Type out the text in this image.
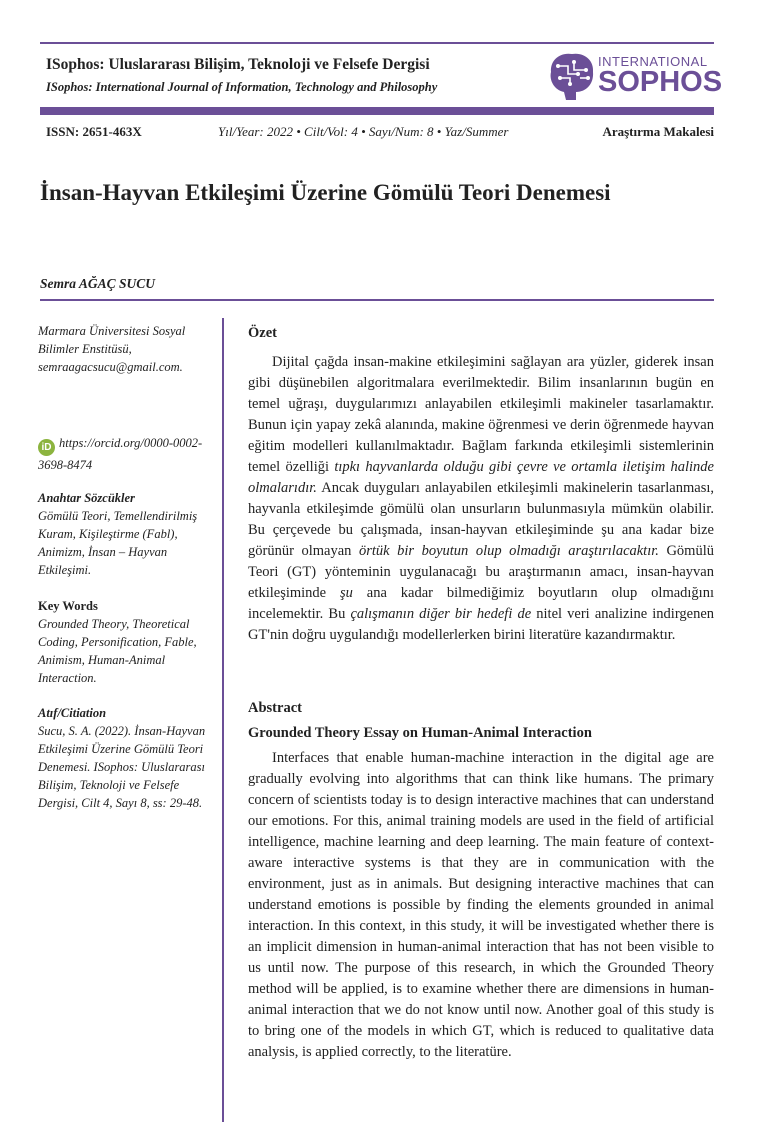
ISophos: Uluslararası Bilişim, Teknoloji ve Felsefe Dergisi
ISophos: International Journal of Information, Technology and Philosophy
INTERNATIONAL
SOPHOS
ISSN: 2651-463X	Yıl/Year: 2022 • Cilt/Vol: 4 • Sayı/Num: 8 • Yaz/Summer	Araştırma Makalesi
İnsan-Hayvan Etkileşimi Üzerine Gömülü Teori Denemesi
Semra AĞAÇ SUCU
Marmara Üniversitesi Sosyal Bilimler Enstitüsü, semraagacsucu@gmail.com.
iD https://orcid.org/0000-0002-3698-8474
Anahtar Sözcükler
Gömülü Teori, Temellendirilmiş Kuram, Kişileştirme (Fabl), Animizm, İnsan – Hayvan Etkileşimi.
Key Words
Grounded Theory, Theoretical Coding, Personification, Fable, Animism, Human-Animal Interaction.
Atıf/Citiation
Sucu, S. A. (2022). İnsan-Hayvan Etkileşimi Üzerine Gömülü Teori Denemesi. ISophos: Uluslararası Bilişim, Teknoloji ve Felsefe Dergisi, Cilt 4, Sayı 8, ss: 29-48.
Özet

Dijital çağda insan-makine etkileşimini sağlayan ara yüzler, giderek insan gibi düşünebilen algoritmalara everilmektedir. Bilim insanlarının bugün en temel uğraşı, duygularımızı anlayabilen etkileşimli makineler tasarlamaktır. Bunun için yapay zekâ alanında, makine öğrenmesi ve derin öğrenmede hayvan eğitim modelleri kullanılmaktadır. Bağlam farkında etkileşimli sistemlerinin temel özelliği tıpkı hayvanlarda olduğu gibi çevre ve ortamla iletişim halinde olmalarıdır. Ancak duyguları anlayabilen etkileşimli makinelerin tasarlanması, hayvanla etkileşimde gömülü olan unsurların bulunmasıyla mümkün olabilir. Bu çerçevede bu çalışmada, insan-hayvan etkileşiminde şu ana kadar bize görünür olmayan örtük bir boyutun olup olmadığı araştırılacaktır. Gömülü Teori (GT) yönteminin uygulanacağı bu araştırmanın amacı, insan-hayvan etkileşiminde şu ana kadar bilmediğimiz boyutların olup olmadığını incelemektir. Bu çalışmanın diğer bir hedefi de nitel veri analizine indirgenen GT'nin doğru uygulandığı modellerlerken birini literatüre kazandırmaktır.

Abstract
Grounded Theory Essay on Human-Animal Interaction

Interfaces that enable human-machine interaction in the digital age are gradually evolving into algorithms that can think like humans. The primary concern of scientists today is to design interactive machines that can understand our emotions. For this, animal training models are used in the field of artificial intelligence, machine learning and deep learning. The main feature of context-aware interactive systems is that they are in communication with the environment, just as in animals. But designing interactive machines that can understand emotions is possible by finding the elements grounded in animal interaction. In this context, in this study, it will be investigated whether there is an implicit dimension in human-animal interaction that has not been visible to us until now. The purpose of this research, in which the Grounded Theory method will be applied, is to examine whether there are dimensions in human-animal interaction that we do not know until now. Another goal of this study is to bring one of the models in which GT, which is reduced to qualitative data analysis, is applied correctly, to the literatüre.
